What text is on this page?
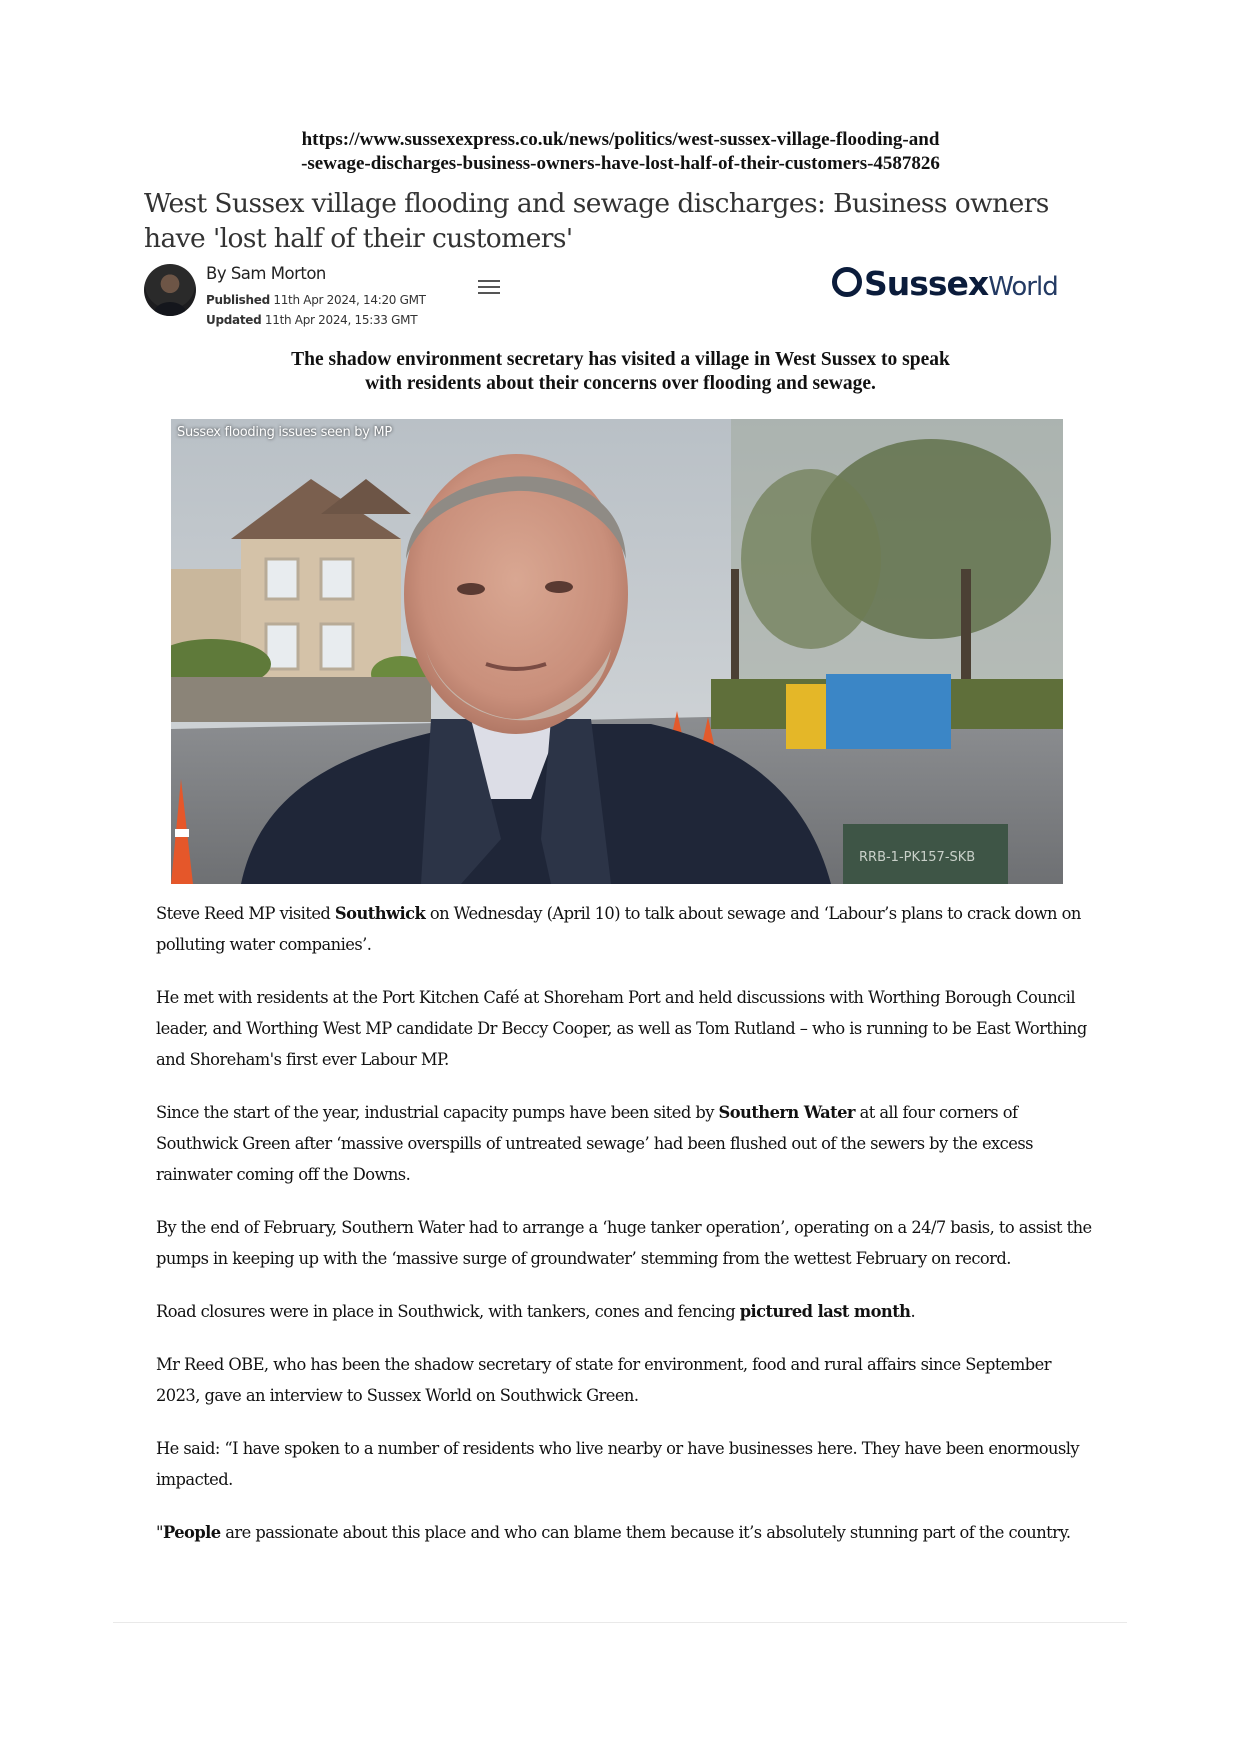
https://www.sussexexpress.co.uk/news/politics/west-sussex-village-flooding-and
-sewage-discharges-business-owners-have-lost-half-of-their-customers-4587826
West Sussex village flooding and sewage discharges: Business owners have 'lost half of their customers'
By Sam Morton
Published 11th Apr 2024, 14:20 GMT
Updated 11th Apr 2024, 15:33 GMT
Sussex World
The shadow environment secretary has visited a village in West Sussex to speak
with residents about their concerns over flooding and sewage.
RRB-1-PK157-SKB
Sussex flooding issues seen by MP

Steve Reed MP visited Southwick on Wednesday (April 10) to talk about sewage and ‘Labour’s plans to crack down on polluting water companies’.

He met with residents at the Port Kitchen Café at Shoreham Port and held discussions with Worthing Borough Council leader, and Worthing West MP candidate Dr Beccy Cooper, as well as Tom Rutland – who is running to be East Worthing and Shoreham's first ever Labour MP.

Since the start of the year, industrial capacity pumps have been sited by Southern Water at all four corners of Southwick Green after ‘massive overspills of untreated sewage’ had been flushed out of the sewers by the excess rainwater coming off the Downs.

By the end of February, Southern Water had to arrange a ‘huge tanker operation’, operating on a 24/7 basis, to assist the pumps in keeping up with the ‘massive surge of groundwater’ stemming from the wettest February on record.

Road closures were in place in Southwick, with tankers, cones and fencing pictured last month.

Mr Reed OBE, who has been the shadow secretary of state for environment, food and rural affairs since September 2023, gave an interview to Sussex World on Southwick Green.

He said: “I have spoken to a number of residents who live nearby or have businesses here. They have been enormously impacted.

"People are passionate about this place and who can blame them because it’s absolutely stunning part of the country.
